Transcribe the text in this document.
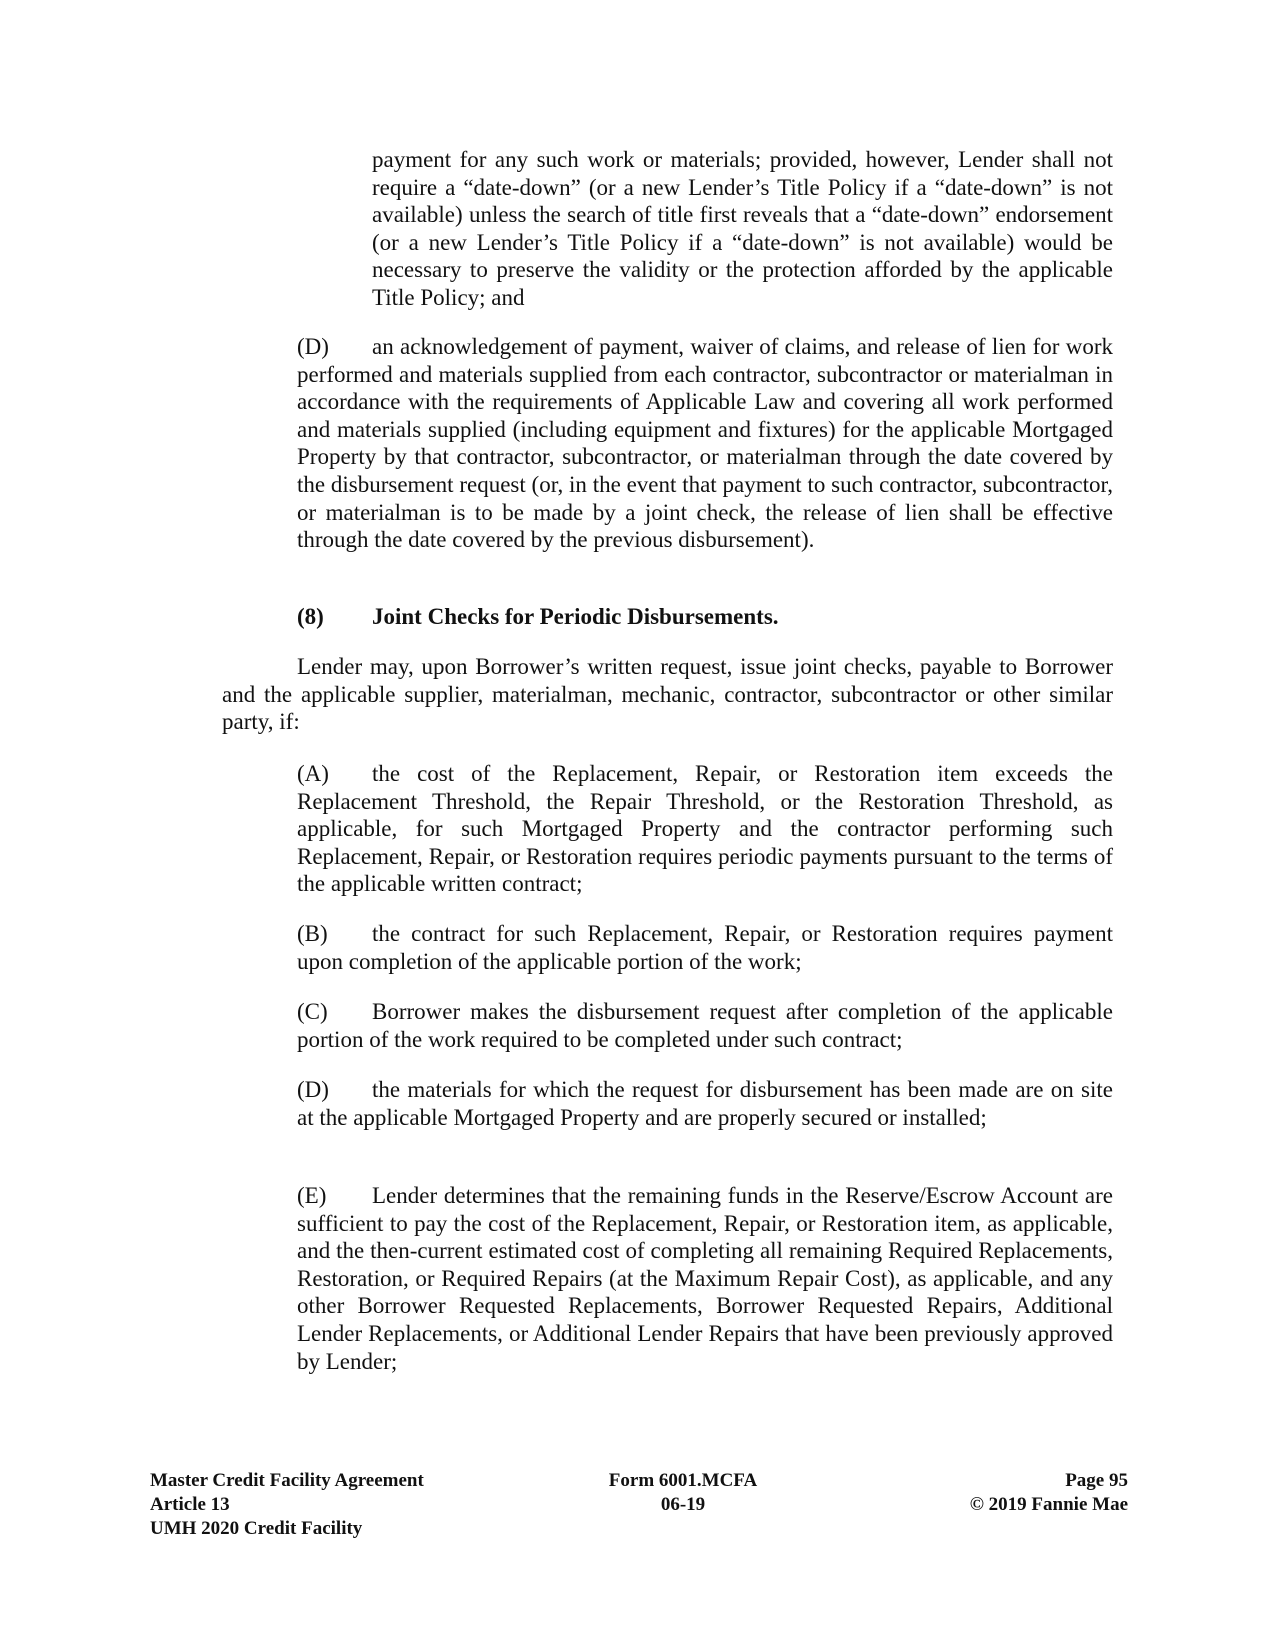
payment for any such work or materials; provided, however, Lender shall not require a “date-down” (or a new Lender’s Title Policy if a “date-down” is not available) unless the search of title first reveals that a “date-down” endorsement (or a new Lender’s Title Policy if a “date-down” is not available) would be necessary to preserve the validity or the protection afforded by the applicable Title Policy; and

(D) an acknowledgement of payment, waiver of claims, and release of lien for work performed and materials supplied from each contractor, subcontractor or materialman in accordance with the requirements of Applicable Law and covering all work performed and materials supplied (including equipment and fixtures) for the applicable Mortgaged Property by that contractor, subcontractor, or materialman through the date covered by the disbursement request (or, in the event that payment to such contractor, subcontractor, or materialman is to be made by a joint check, the release of lien shall be effective through the date covered by the previous disbursement).

(8) Joint Checks for Periodic Disbursements.

Lender may, upon Borrower’s written request, issue joint checks, payable to Borrower and the applicable supplier, materialman, mechanic, contractor, subcontractor or other similar party, if:

(A) the cost of the Replacement, Repair, or Restoration item exceeds the Replacement Threshold, the Repair Threshold, or the Restoration Threshold, as applicable, for such Mortgaged Property and the contractor performing such Replacement, Repair, or Restoration requires periodic payments pursuant to the terms of the applicable written contract;

(B) the contract for such Replacement, Repair, or Restoration requires payment upon completion of the applicable portion of the work;

(C) Borrower makes the disbursement request after completion of the applicable portion of the work required to be completed under such contract;

(D) the materials for which the request for disbursement has been made are on site at the applicable Mortgaged Property and are properly secured or installed;

(E) Lender determines that the remaining funds in the Reserve/Escrow Account are sufficient to pay the cost of the Replacement, Repair, or Restoration item, as applicable, and the then-current estimated cost of completing all remaining Required Replacements, Restoration, or Required Repairs (at the Maximum Repair Cost), as applicable, and any other Borrower Requested Replacements, Borrower Requested Repairs, Additional Lender Replacements, or Additional Lender Repairs that have been previously approved by Lender;

Master Credit Facility Agreement
Article 13
UMH 2020 Credit Facility
Form 6001.MCFA
06-19
Page 95
© 2019 Fannie Mae
